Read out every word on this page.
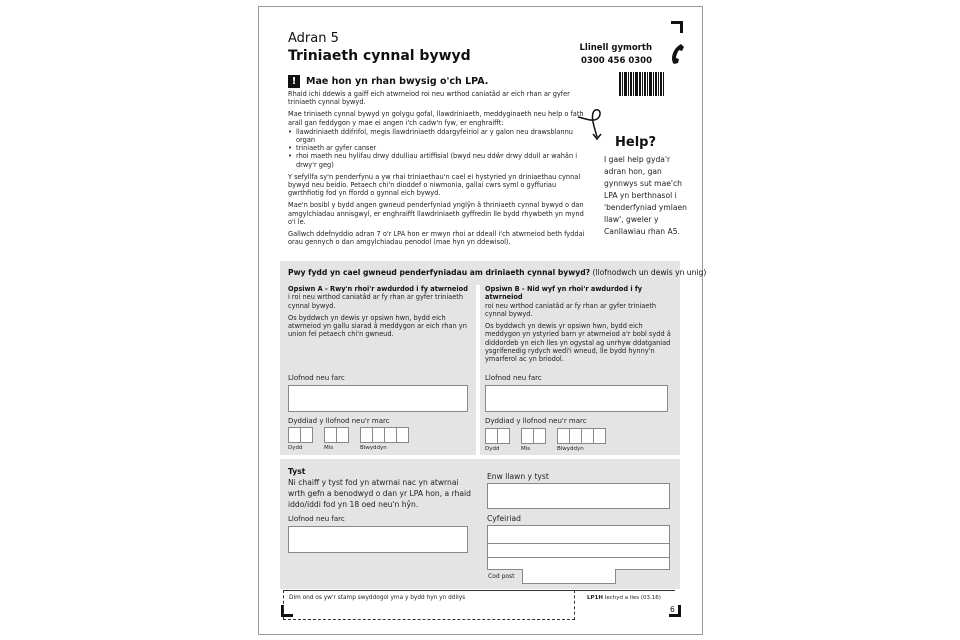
Adran 5
Triniaeth cynnal bywyd	Llinell gymorth
0300 456 0300
!	Mae hon yn rhan bwysig o'ch LPA.

Rhaid ichi ddewis a gaiff eich atwrneiod roi neu wrthod caniatâd ar eich rhan ar gyfer triniaeth cynnal bywyd.

Mae triniaeth cynnal bywyd yn golygu gofal, llawdriniaeth, meddyginaeth neu help o fath arall gan feddygon y mae ei angen i'ch cadw'n fyw, er enghraifft:

• llawdriniaeth ddifrifol, megis llawdriniaeth ddargyfeiriol ar y galon neu drawsblannu organ
• triniaeth ar gyfer canser
• rhoi maeth neu hylifau drwy ddulliau artiffisial (bwyd neu ddŵr drwy ddull ar wahân i drwy'r geg)

Y sefyllfa sy'n penderfynu a yw rhai triniaethau'n cael ei hystyried yn driniaethau cynnal bywyd neu beidio. Petaech chi'n dioddef o niwmonia, gallai cwrs syml o gyffuriau gwrthfiotig fod yn ffordd o gynnal eich bywyd.

Mae'n bosibl y bydd angen gwneud penderfyniad ynglŷn â thriniaeth cynnal bywyd o dan amgylchiadau annisgwyl, er enghraifft llawdriniaeth gyffredin lle bydd rhywbeth yn mynd o'i le.

Gallwch ddefnyddio adran 7 o'r LPA hon er mwyn rhoi ar ddeall i'ch atwrneiod beth fyddai orau gennych o dan amgylchiadau penodol (mae hyn yn ddewisol).

Help?
I gael help gyda'r adran hon, gan gynnwys sut mae'ch LPA yn berthnasol i 'benderfyniad ymlaen llaw', gweler y Canllawiau rhan A5.
Pwy fydd yn cael gwneud penderfyniadau am driniaeth cynnal bywyd? (llofnodwch un dewis yn unig)
Opsiwn A - Rwy'n rhoi'r awdurdod i fy atwrneiod

i roi neu wrthod caniatâd ar fy rhan ar gyfer triniaeth cynnal bywyd.

Os byddwch yn dewis yr opsiwn hwn, bydd eich atwrneiod yn gallu siarad â meddygon ar eich rhan yn union fel petaech chi'n gwneud.

Llofnod neu farc
Dyddiad y llofnod neu'r marc
Dydd	Mis	Blwyddyn
Opsiwn B - Nid wyf yn rhoi'r awdurdod i fy atwrneiod

roi neu wrthod caniatâd ar fy rhan ar gyfer triniaeth cynnal bywyd.

Os byddwch yn dewis yr opsiwn hwn, bydd eich meddygon yn ystyried barn yr atwrneiod a'r bobl sydd â diddordeb yn eich lles yn ogystal ag unrhyw ddatganiad ysgrifenedig rydych wedi'i wneud, lle bydd hynny'n ymarferol ac yn briodol.

Llofnod neu farc
Dyddiad y llofnod neu'r marc
Dydd	Mis	Blwyddyn
Tyst
Ni chaiff y tyst fod yn atwrnai nac yn atwrnai wrth gefn a benodwyd o dan yr LPA hon, a rhaid iddo/iddi fod yn 18 oed neu'n hŷn.
Llofnod neu farc
Enw llawn y tyst
Cyfeiriad
Cod post
Dim ond os yw'r stamp swyddogol yma y bydd hyn yn ddilys	LP1H Iechyd a lles (03.16)
6
